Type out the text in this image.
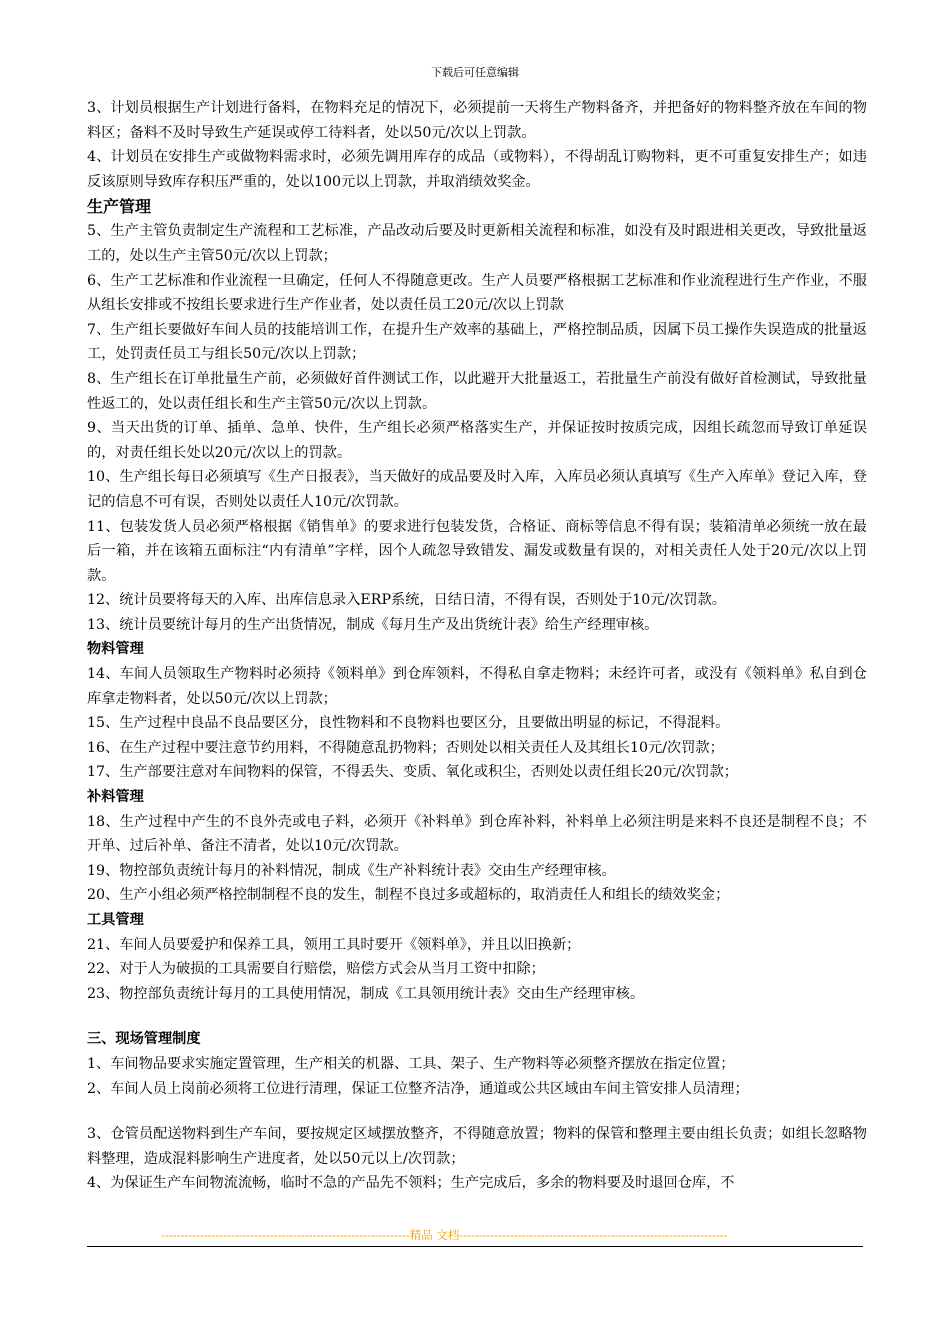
下载后可任意编辑

3、计划员根据生产计划进行备料，在物料充足的情况下，必须提前一天将生产物料备齐，并把备好的物料整齐放在车间的物料区；备料不及时导致生产延误或停工待料者，处以50元/次以上罚款。

4、计划员在安排生产或做物料需求时，必须先调用库存的成品（或物料），不得胡乱订购物料，更不可重复安排生产；如违反该原则导致库存积压严重的，处以100元以上罚款，并取消绩效奖金。

生产管理

5、生产主管负责制定生产流程和工艺标准，产品改动后要及时更新相关流程和标准，如没有及时跟进相关更改，导致批量返工的，处以生产主管50元/次以上罚款；

6、生产工艺标准和作业流程一旦确定，任何人不得随意更改。生产人员要严格根据工艺标准和作业流程进行生产作业，不服从组长安排或不按组长要求进行生产作业者，处以责任员工20元/次以上罚款

7、生产组长要做好车间人员的技能培训工作，在提升生产效率的基础上，严格控制品质，因属下员工操作失误造成的批量返工，处罚责任员工与组长50元/次以上罚款；

8、生产组长在订单批量生产前，必须做好首件测试工作，以此避开大批量返工，若批量生产前没有做好首检测试，导致批量性返工的，处以责任组长和生产主管50元/次以上罚款。

9、当天出货的订单、插单、急单、快件，生产组长必须严格落实生产，并保证按时按质完成，因组长疏忽而导致订单延误的，对责任组长处以20元/次以上的罚款。

10、生产组长每日必须填写《生产日报表》，当天做好的成品要及时入库，入库员必须认真填写《生产入库单》登记入库，登记的信息不可有误，否则处以责任人10元/次罚款。

11、包装发货人员必须严格根据《销售单》的要求进行包装发货，合格证、商标等信息不得有误；装箱清单必须统一放在最后一箱，并在该箱五面标注“内有清单”字样，因个人疏忽导致错发、漏发或数量有误的，对相关责任人处于20元/次以上罚款。

12、统计员要将每天的入库、出库信息录入ERP系统，日结日清，不得有误，否则处于10元/次罚款。

13、统计员要统计每月的生产出货情况，制成《每月生产及出货统计表》给生产经理审核。

物料管理

14、车间人员领取生产物料时必须持《领料单》到仓库领料，不得私自拿走物料；未经许可者，或没有《领料单》私自到仓库拿走物料者，处以50元/次以上罚款；

15、生产过程中良品不良品要区分，良性物料和不良物料也要区分，且要做出明显的标记，不得混料。

16、在生产过程中要注意节约用料，不得随意乱扔物料；否则处以相关责任人及其组长10元/次罚款；

17、生产部要注意对车间物料的保管，不得丢失、变质、氧化或积尘，否则处以责任组长20元/次罚款；

补料管理

18、生产过程中产生的不良外壳或电子料，必须开《补料单》到仓库补料，补料单上必须注明是来料不良还是制程不良；不开单、过后补单、备注不清者，处以10元/次罚款。

19、物控部负责统计每月的补料情况，制成《生产补料统计表》交由生产经理审核。

20、生产小组必须严格控制制程不良的发生，制程不良过多或超标的，取消责任人和组长的绩效奖金；

工具管理

21、车间人员要爱护和保养工具，领用工具时要开《领料单》，并且以旧换新；

22、对于人为破损的工具需要自行赔偿，赔偿方式会从当月工资中扣除；

23、物控部负责统计每月的工具使用情况，制成《工具领用统计表》交由生产经理审核。

三、现场管理制度

1、车间物品要求实施定置管理，生产相关的机器、工具、架子、生产物料等必须整齐摆放在指定位置；

2、车间人员上岗前必须将工位进行清理，保证工位整齐洁净，通道或公共区域由车间主管安排人员清理；

3、仓管员配送物料到生产车间，要按规定区域摆放整齐，不得随意放置；物料的保管和整理主要由组长负责；如组长忽略物料整理，造成混料影响生产进度者，处以50元以上/次罚款；

4、为保证生产车间物流流畅，临时不急的产品先不领料；生产完成后，多余的物料要及时退回仓库，不

----------------------------------------------------------------精品 文档---------------------------------------------------------------------
